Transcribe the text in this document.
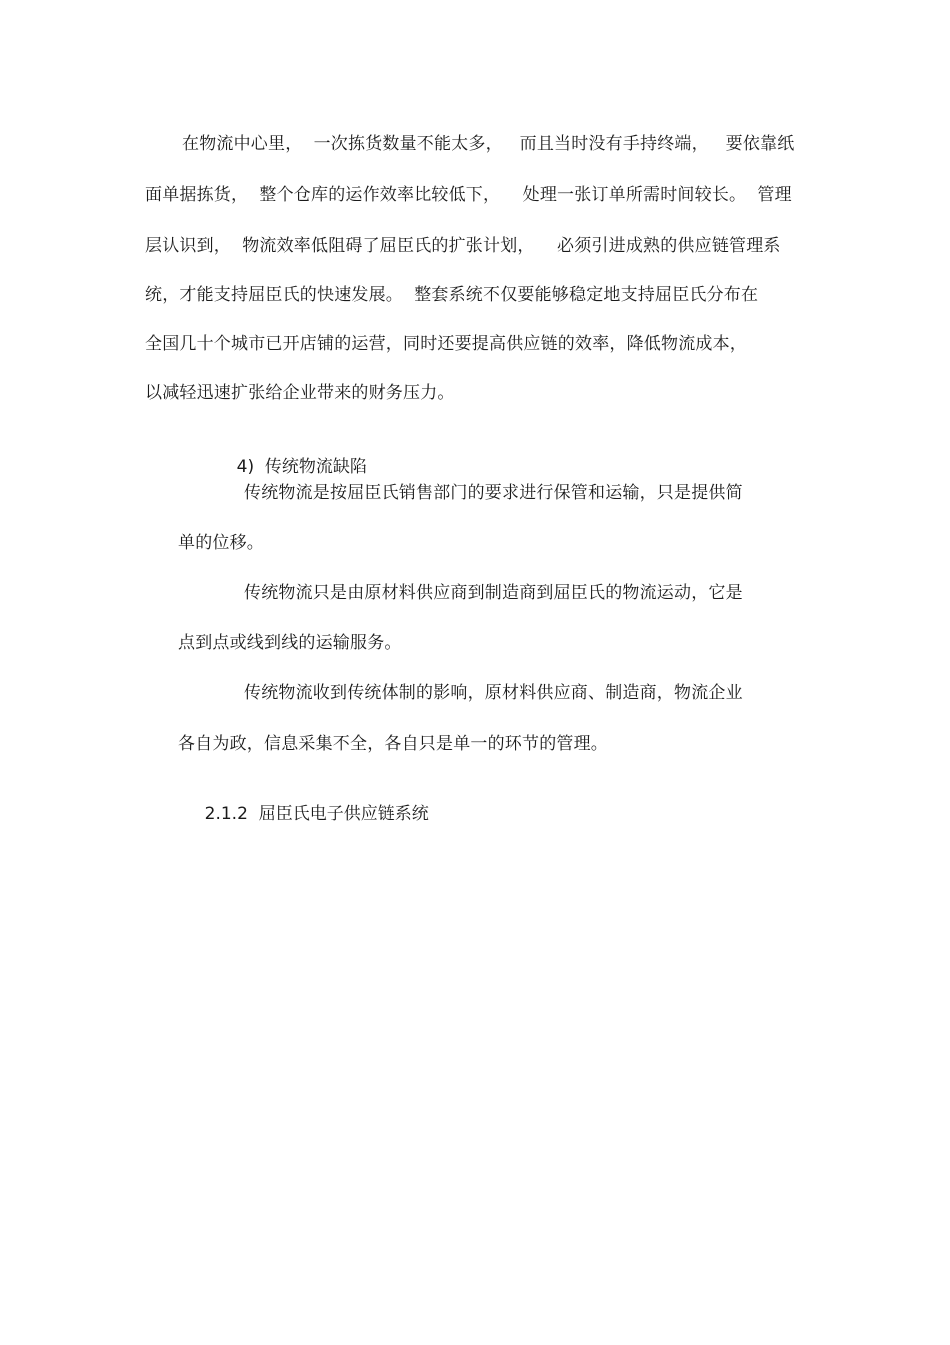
在物流中心里，  一次拣货数量不能太多，   而且当时没有手持终端，   要依靠纸
面单据拣货，  整个仓库的运作效率比较低下，    处理一张订单所需时间较长。  管理
层认识到，  物流效率低阻碍了屈臣氏的扩张计划，    必须引进成熟的供应链管理系
统，才能支持屈臣氏的快速发展。  整套系统不仅要能够稳定地支持屈臣氏分布在
全国几十个城市已开店铺的运营，同时还要提高供应链的效率，降低物流成本，
以减轻迅速扩张给企业带来的财务压力。

4) 传统物流缺陷

传统物流是按屈臣氏销售部门的要求进行保管和运输，只是提供简
单的位移。
传统物流只是由原材料供应商到制造商到屈臣氏的物流运动，它是
点到点或线到线的运输服务。
传统物流收到传统体制的影响，原材料供应商、制造商，物流企业
各自为政，信息采集不全，各自只是单一的环节的管理。

2.1.2 屈臣氏电子供应链系统
